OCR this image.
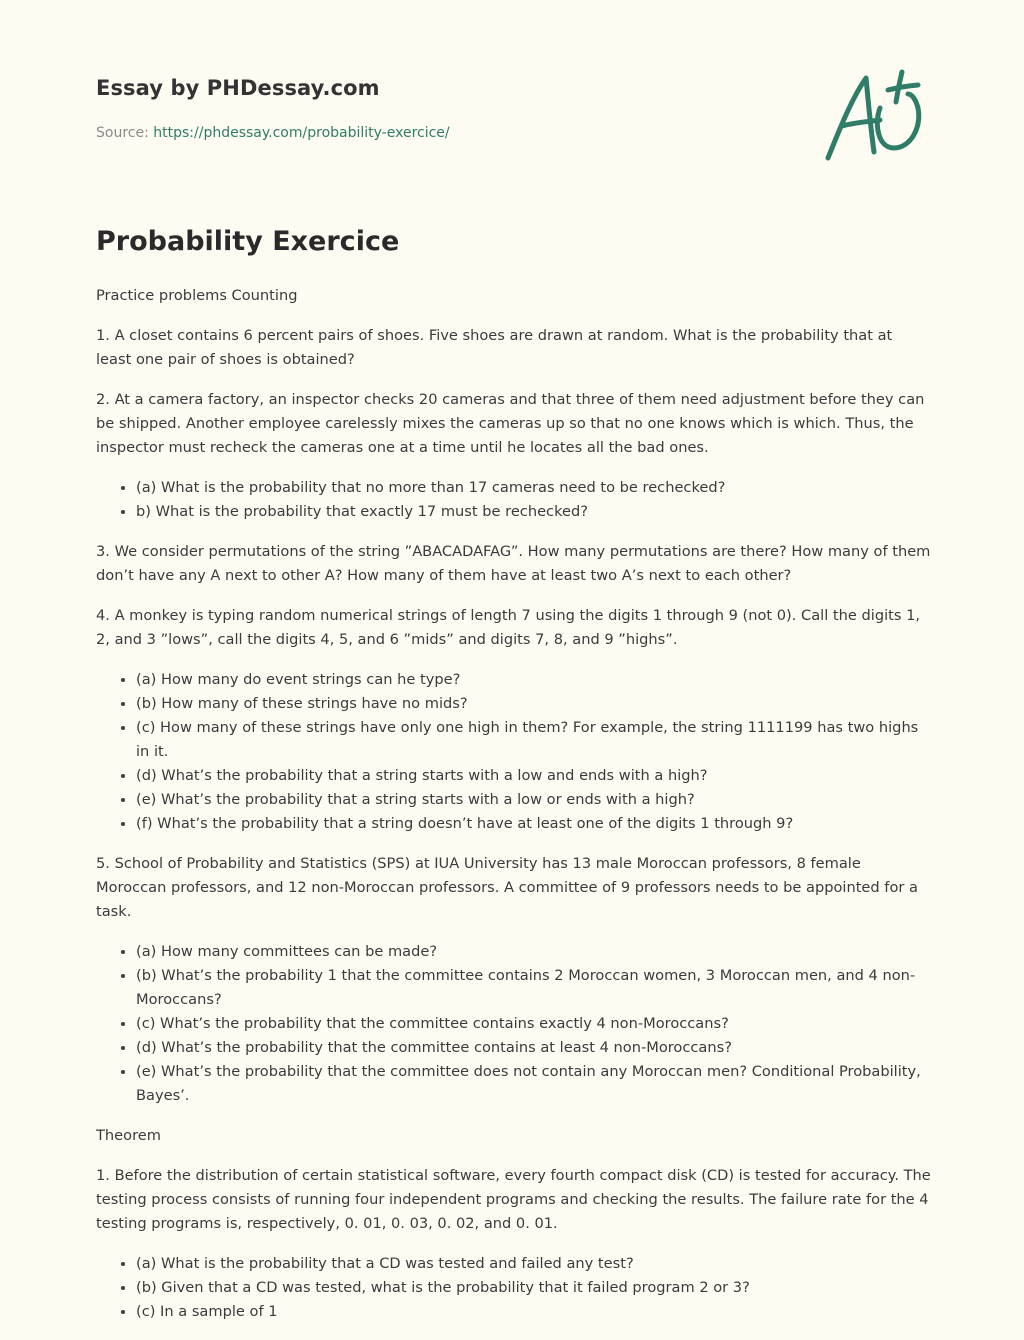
Essay by PHDessay.com

Source: https://phdessay.com/probability-exercice/

Probability Exercice

Practice problems Counting

1. A closet contains 6 percent pairs of shoes. Five shoes are drawn at random. What is the probability that at least one pair of shoes is obtained?

2. At a camera factory, an inspector checks 20 cameras and that three of them need adjustment before they can be shipped. Another employee carelessly mixes the cameras up so that no one knows which is which. Thus, the inspector must recheck the cameras one at a time until he locates all the bad ones.

• (a) What is the probability that no more than 17 cameras need to be rechecked?
• b) What is the probability that exactly 17 must be rechecked?

3. We consider permutations of the string ”ABACADAFAG”. How many permutations are there? How many of them don’t have any A next to other A? How many of them have at least two A’s next to each other?

4. A monkey is typing random numerical strings of length 7 using the digits 1 through 9 (not 0). Call the digits 1, 2, and 3 ”lows”, call the digits 4, 5, and 6 ”mids” and digits 7, 8, and 9 ”highs”.

• (a) How many do event strings can he type?
• (b) How many of these strings have no mids?
• (c) How many of these strings have only one high in them? For example, the string 1111199 has two highs in it.
• (d) What’s the probability that a string starts with a low and ends with a high?
• (e) What’s the probability that a string starts with a low or ends with a high?
• (f) What’s the probability that a string doesn’t have at least one of the digits 1 through 9?

5. School of Probability and Statistics (SPS) at IUA University has 13 male Moroccan professors, 8 female Moroccan professors, and 12 non-Moroccan professors. A committee of 9 professors needs to be appointed for a task.

• (a) How many committees can be made?
• (b) What’s the probability 1 that the committee contains 2 Moroccan women, 3 Moroccan men, and 4 non-Moroccans?
• (c) What’s the probability that the committee contains exactly 4 non-Moroccans?
• (d) What’s the probability that the committee contains at least 4 non-Moroccans?
• (e) What’s the probability that the committee does not contain any Moroccan men? Conditional Probability, Bayes’.

Theorem

1. Before the distribution of certain statistical software, every fourth compact disk (CD) is tested for accuracy. The testing process consists of running four independent programs and checking the results. The failure rate for the 4 testing programs is, respectively, 0. 01, 0. 03, 0. 02, and 0. 01.

• (a) What is the probability that a CD was tested and failed any test?
• (b) Given that a CD was tested, what is the probability that it failed program 2 or 3?
• (c) In a sample of 1
